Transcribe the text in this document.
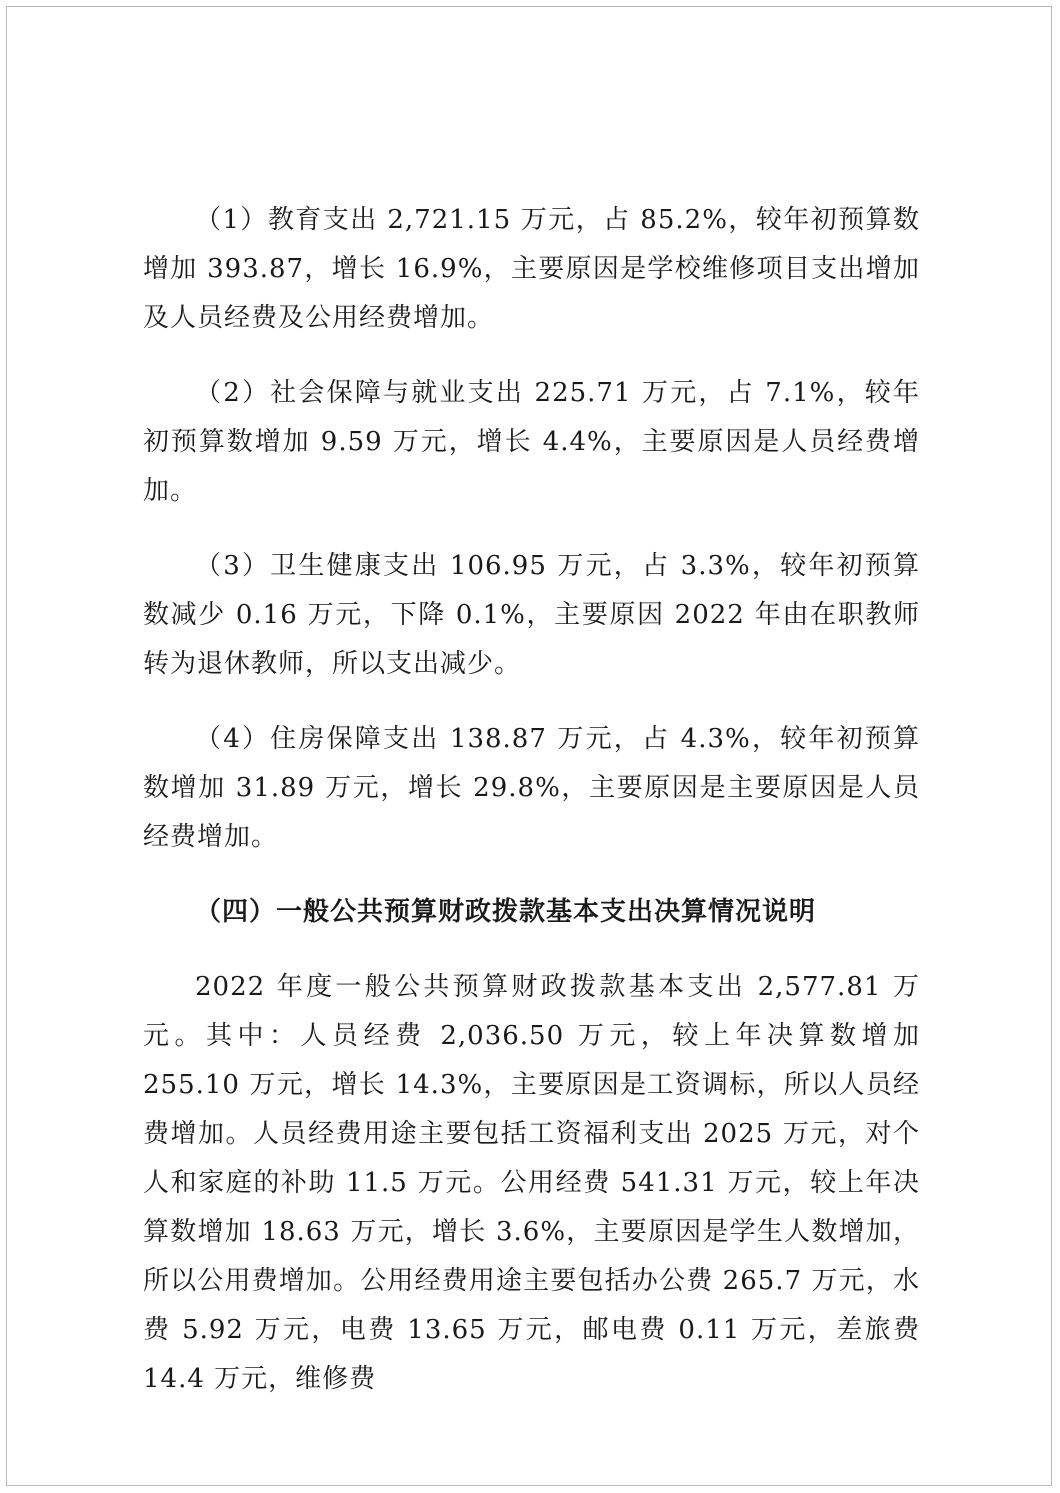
（1）教育支出 2,721.15 万元，占 85.2%，较年初预算数增加 393.87，增长 16.9%，主要原因是学校维修项目支出增加及人员经费及公用经费增加。

（2）社会保障与就业支出 225.71 万元，占 7.1%，较年初预算数增加 9.59 万元，增长 4.4%，主要原因是人员经费增加。

（3）卫生健康支出 106.95 万元，占 3.3%，较年初预算数减少 0.16 万元，下降 0.1%，主要原因 2022 年由在职教师转为退休教师，所以支出减少。

（4）住房保障支出 138.87 万元，占 4.3%，较年初预算数增加 31.89 万元，增长 29.8%，主要原因是主要原因是人员经费增加。

（四）一般公共预算财政拨款基本支出决算情况说明

2022 年度一般公共预算财政拨款基本支出 2,577.81 万元。其中：人员经费 2,036.50 万元，较上年决算数增加 255.10 万元，增长 14.3%，主要原因是工资调标，所以人员经费增加。人员经费用途主要包括工资福利支出 2025 万元，对个人和家庭的补助 11.5 万元。公用经费 541.31 万元，较上年决算数增加 18.63 万元，增长 3.6%，主要原因是学生人数增加，所以公用费增加。公用经费用途主要包括办公费 265.7 万元，水费 5.92 万元，电费 13.65 万元，邮电费 0.11 万元，差旅费 14.4 万元，维修费
